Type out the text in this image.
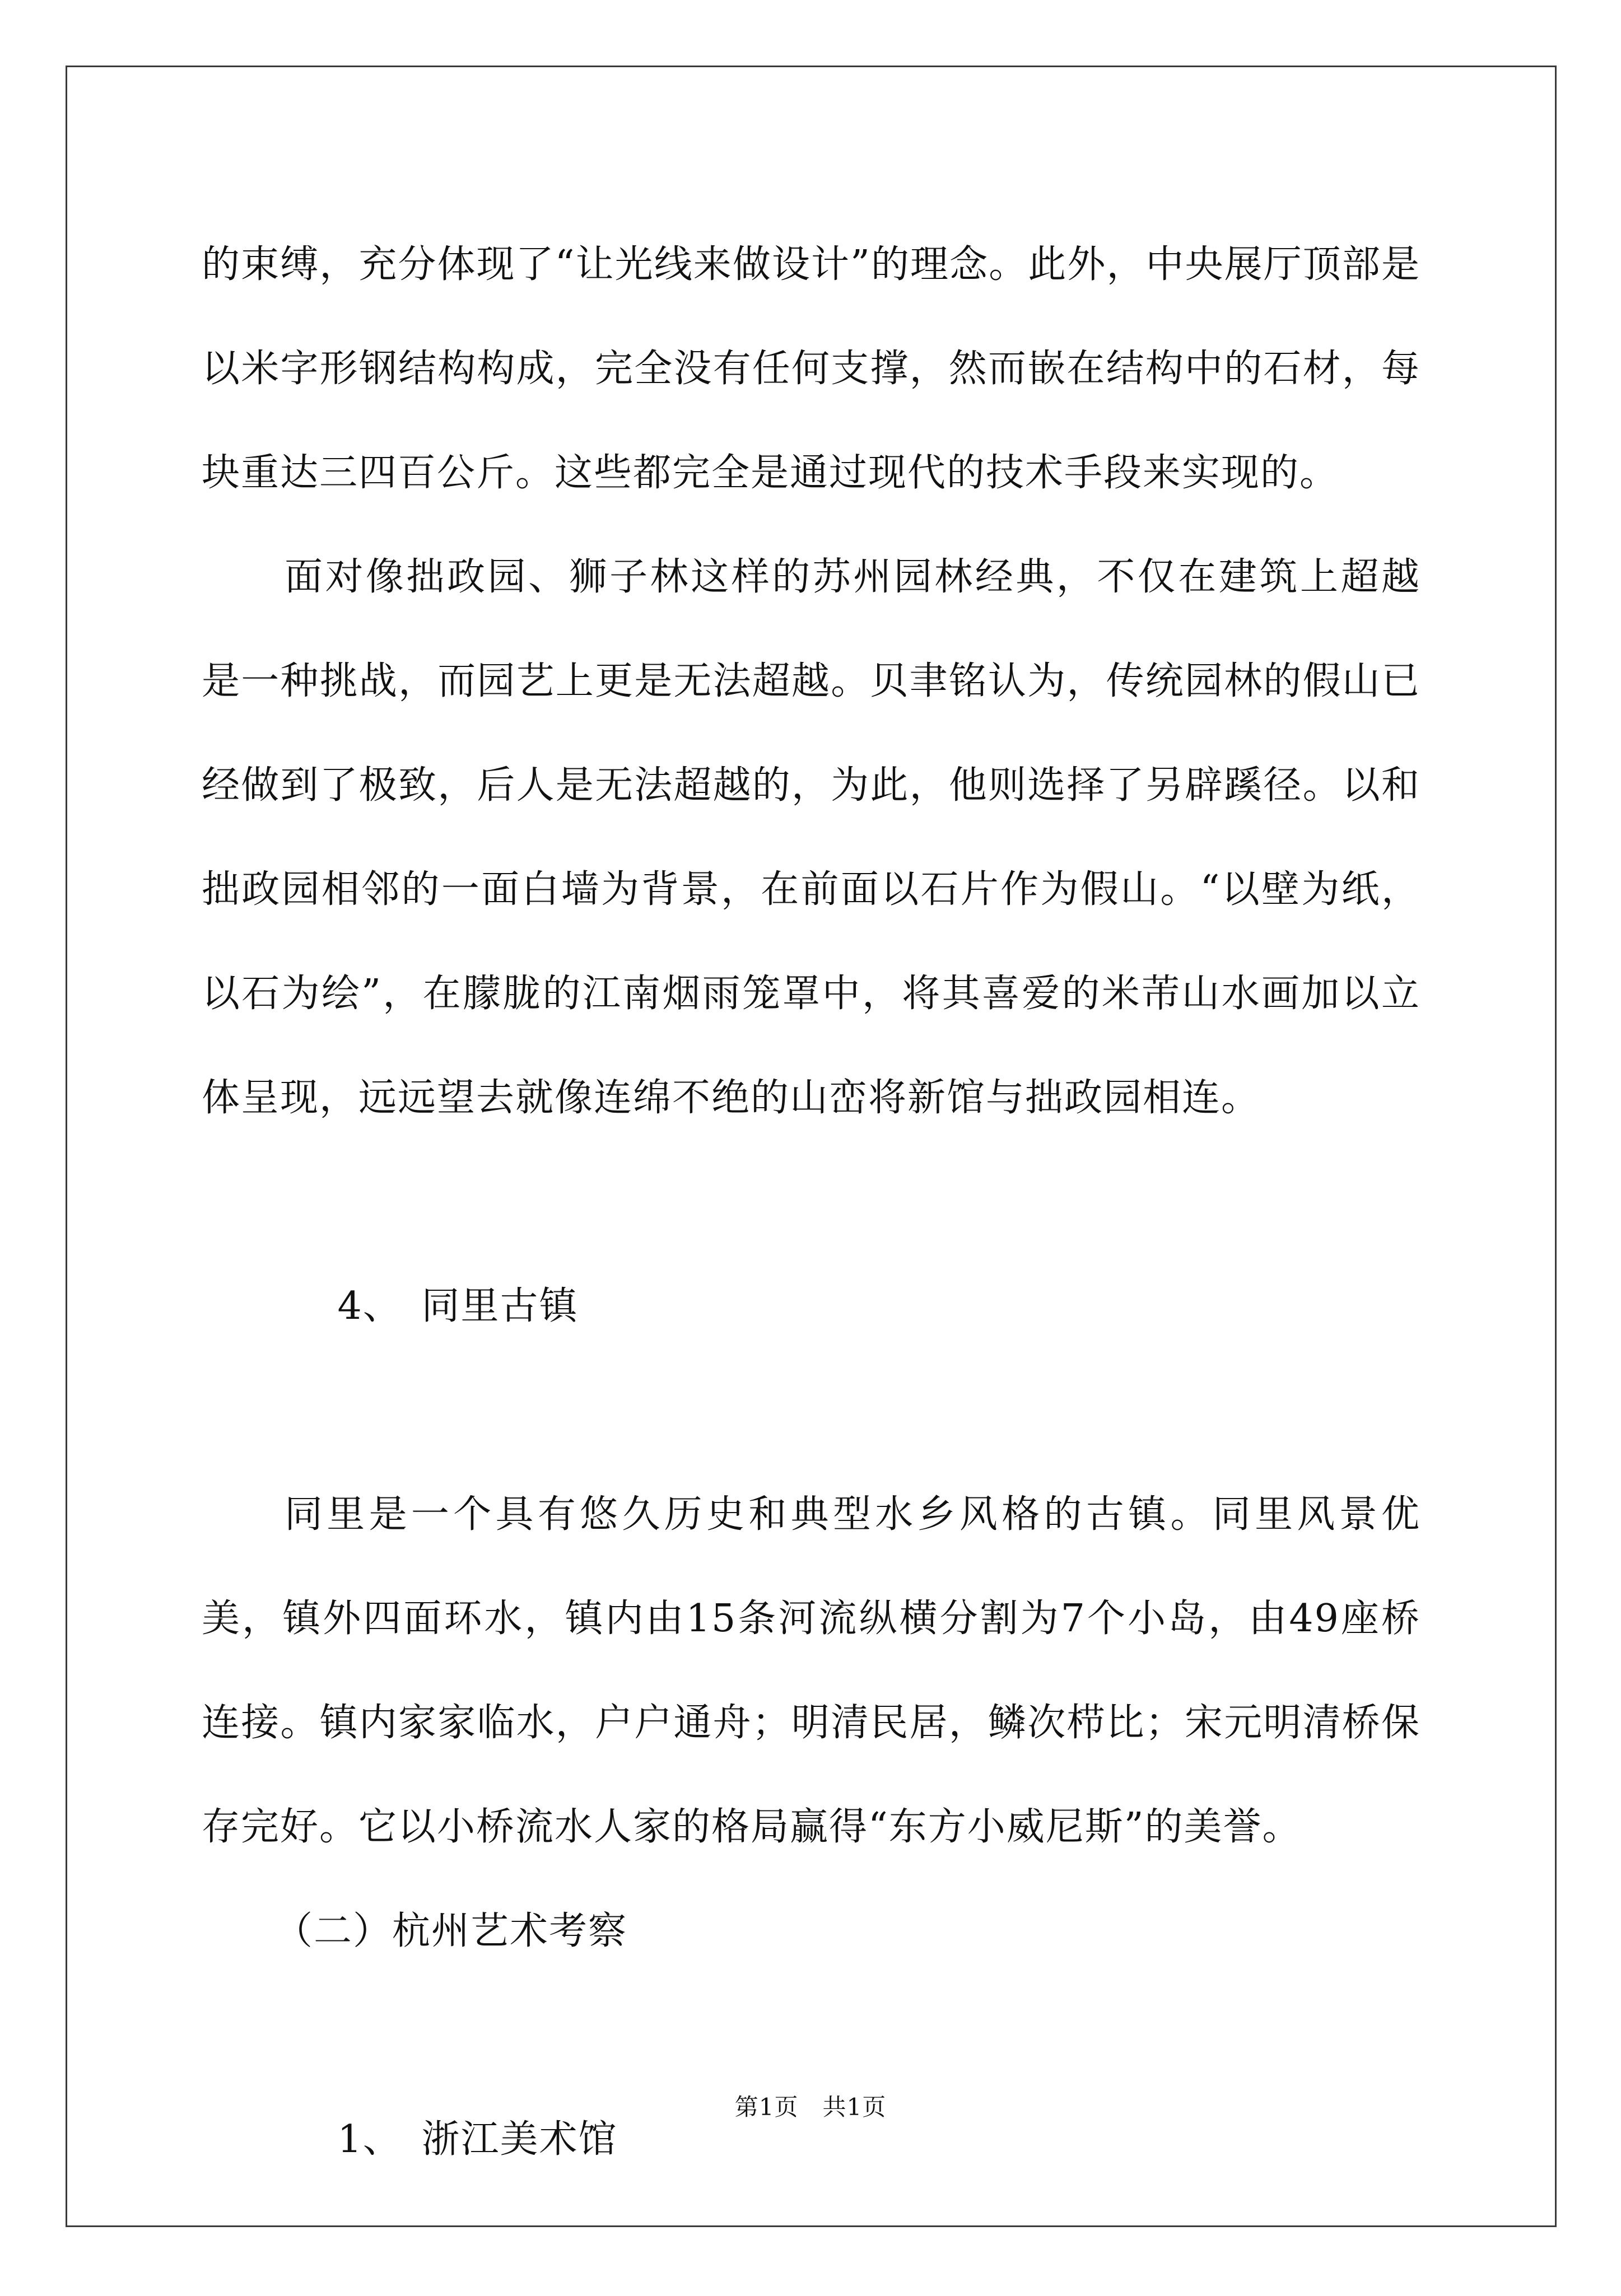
的束缚，充分体现了“让光线来做设计”的理念。此外，中央展厅顶部是以米字形钢结构构成，完全没有任何支撑，然而嵌在结构中的石材，每块重达三四百公斤。这些都完全是通过现代的技术手段来实现的。

面对像拙政园、狮子林这样的苏州园林经典，不仅在建筑上超越是一种挑战，而园艺上更是无法超越。贝聿铭认为，传统园林的假山已经做到了极致，后人是无法超越的，为此，他则选择了另辟蹊径。以和拙政园相邻的一面白墙为背景，在前面以石片作为假山。“以壁为纸，以石为绘”，在朦胧的江南烟雨笼罩中，将其喜爱的米芾山水画加以立体呈现，远远望去就像连绵不绝的山峦将新馆与拙政园相连。

4、 同里古镇

同里是一个具有悠久历史和典型水乡风格的古镇。同里风景优美，镇外四面环水，镇内由15条河流纵横分割为7个小岛，由49座桥连接。镇内家家临水，户户通舟；明清民居，鳞次栉比；宋元明清桥保存完好。它以小桥流水人家的格局赢得“东方小威尼斯”的美誉。

（二）杭州艺术考察

1、 浙江美术馆

第1页　共1页
